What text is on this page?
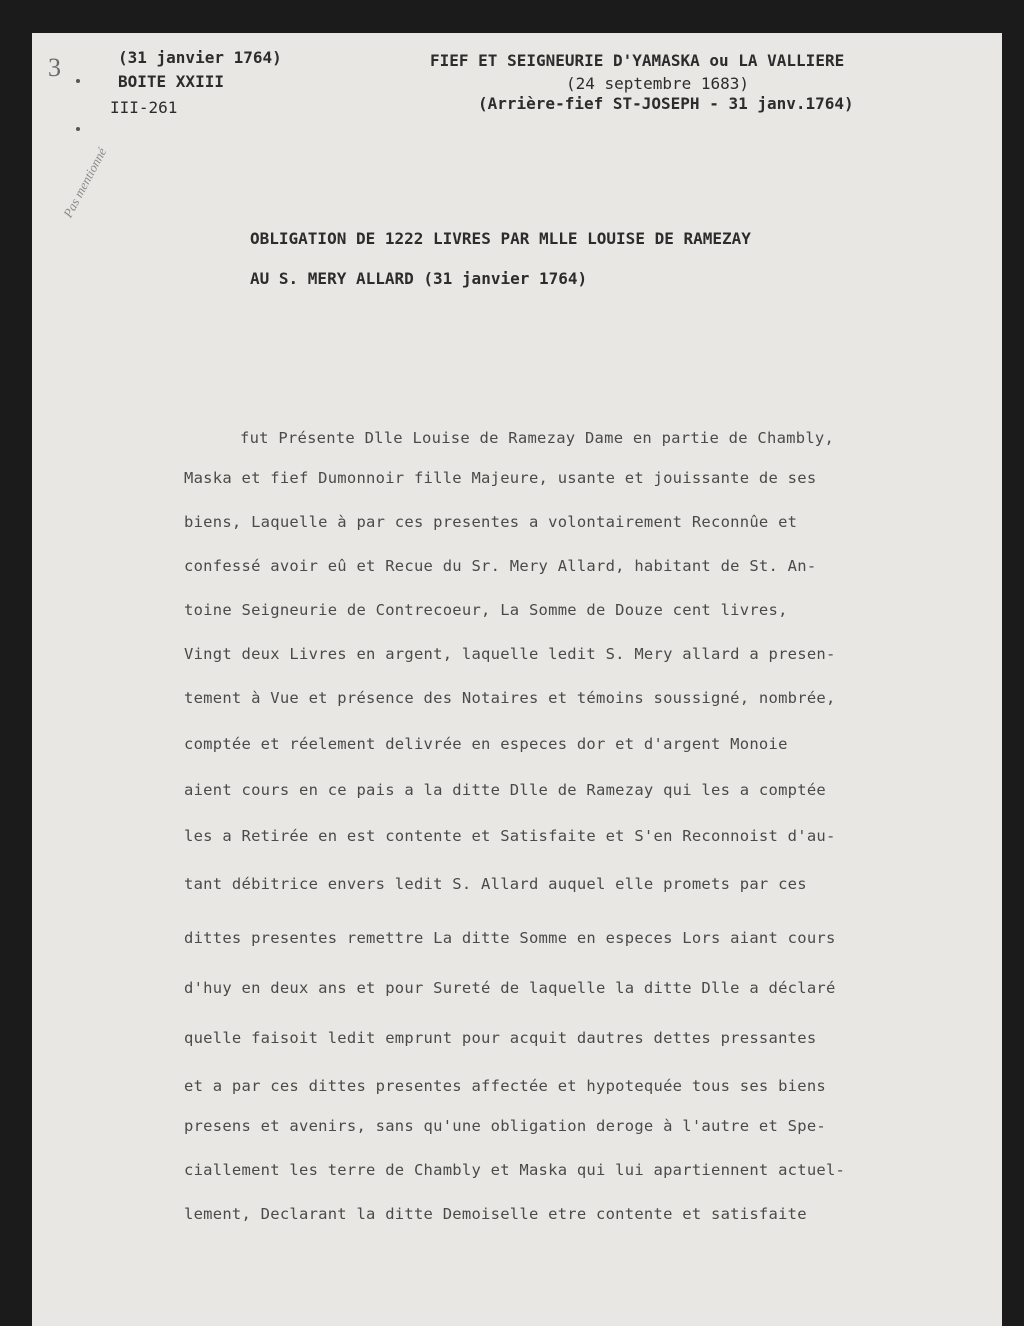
3
Pas mentionné

(31 janvier 1764)

BOITE XXIII

III-261

FIEF ET SEIGNEURIE D'YAMASKA ou LA VALLIERE

(24 septembre 1683)

(Arrière-fief ST-JOSEPH - 31 janv.1764)

OBLIGATION DE 1222 LIVRES PAR MLLE LOUISE DE RAMEZAY

AU S. MERY ALLARD (31 janvier 1764)

fut Présente Dlle Louise de Ramezay Dame en partie de Chambly,

Maska et fief Dumonnoir fille Majeure, usante et jouissante de ses

biens, Laquelle à par ces presentes a volontairement Reconnûe et

confessé avoir eû et Recue du Sr. Mery Allard, habitant de St. An-

toine Seigneurie de Contrecoeur, La Somme de Douze cent livres,

Vingt deux Livres en argent, laquelle ledit S. Mery allard a presen-

tement à Vue et présence des Notaires et témoins soussigné, nombrée,

comptée et réelement delivrée en especes dor et d'argent Monoie

aient cours en ce pais a la ditte Dlle de Ramezay qui les a comptée

les a Retirée en est contente et Satisfaite et S'en Reconnoist d'au-

tant débitrice envers ledit S. Allard auquel elle promets par ces

dittes presentes remettre La ditte Somme en especes Lors aiant cours

d'huy en deux ans et pour Sureté de laquelle la ditte Dlle a déclaré

quelle faisoit ledit emprunt pour acquit dautres dettes pressantes

et a par ces dittes presentes affectée et hypotequée tous ses biens

presens et avenirs, sans qu'une obligation deroge à l'autre et Spe-

ciallement les terre de Chambly et Maska qui lui apartiennent actuel-

lement, Declarant la ditte Demoiselle etre contente et satisfaite
